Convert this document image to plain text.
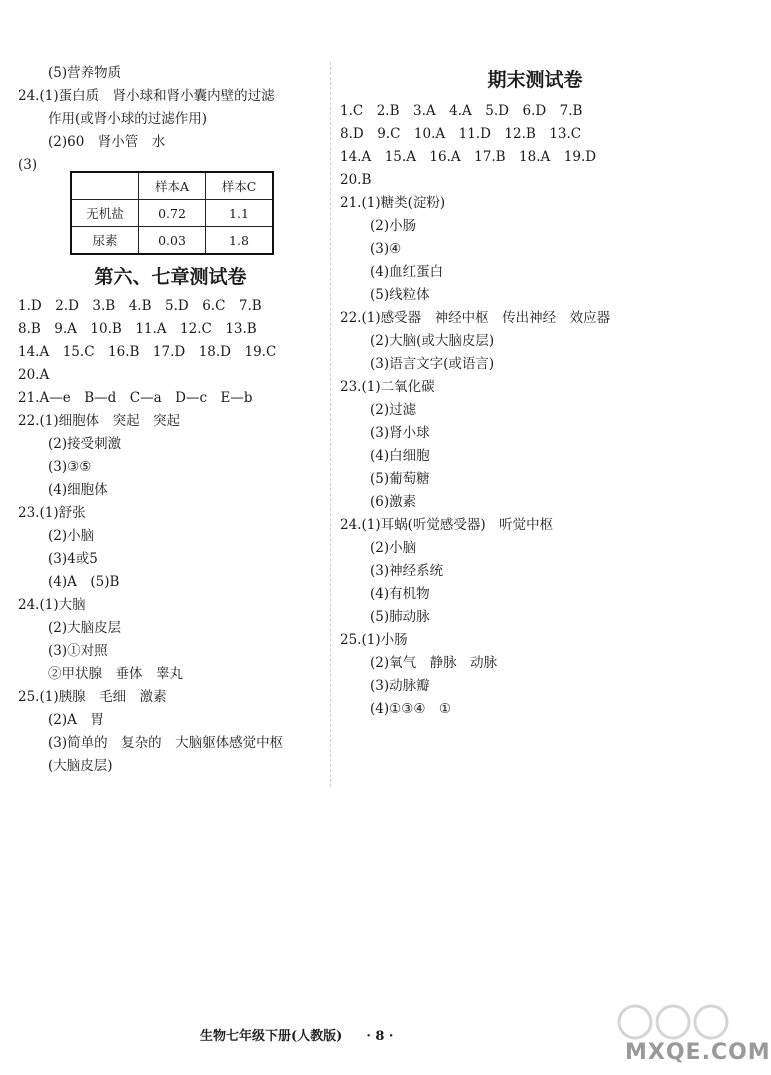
(5)营养物质
24.(1)蛋白质　肾小球和肾小囊内壁的过滤
作用(或肾小球的过滤作用)
(2)60　肾小管　水
(3)
	样本A	样本C
无机盐	0.72	1.1
尿素	0.03	1.8
第六、七章测试卷
1.D　2.D　3.B　4.B　5.D　6.C　7.B
8.B　9.A　10.B　11.A　12.C　13.B
14.A　15.C　16.B　17.D　18.D　19.C
20.A
21.A—e　B—d　C—a　D—c　E—b
22.(1)细胞体　突起　突起
(2)接受刺激
(3)③⑤
(4)细胞体
23.(1)舒张
(2)小脑
(3)4或5
(4)A　(5)B
24.(1)大脑
(2)大脑皮层
(3)①对照
②甲状腺　垂体　睾丸
25.(1)胰腺　毛细　激素
(2)A　胃
(3)简单的　复杂的　大脑躯体感觉中枢
(大脑皮层)
期末测试卷
1.C　2.B　3.A　4.A　5.D　6.D　7.B
8.D　9.C　10.A　11.D　12.B　13.C
14.A　15.A　16.A　17.B　18.A　19.D
20.B
21.(1)糖类(淀粉)
(2)小肠
(3)④
(4)血红蛋白
(5)线粒体
22.(1)感受器　神经中枢　传出神经　效应器
(2)大脑(或大脑皮层)
(3)语言文字(或语言)
23.(1)二氧化碳
(2)过滤
(3)肾小球
(4)白细胞
(5)葡萄糖
(6)激素
24.(1)耳蜗(听觉感受器)　听觉中枢
(2)小脑
(3)神经系统
(4)有机物
(5)肺动脉
25.(1)小肠
(2)氧气　静脉　动脉
(3)动脉瓣
(4)①③④　①
生物七年级下册(人教版) · 8 ·
MXQE.COM
